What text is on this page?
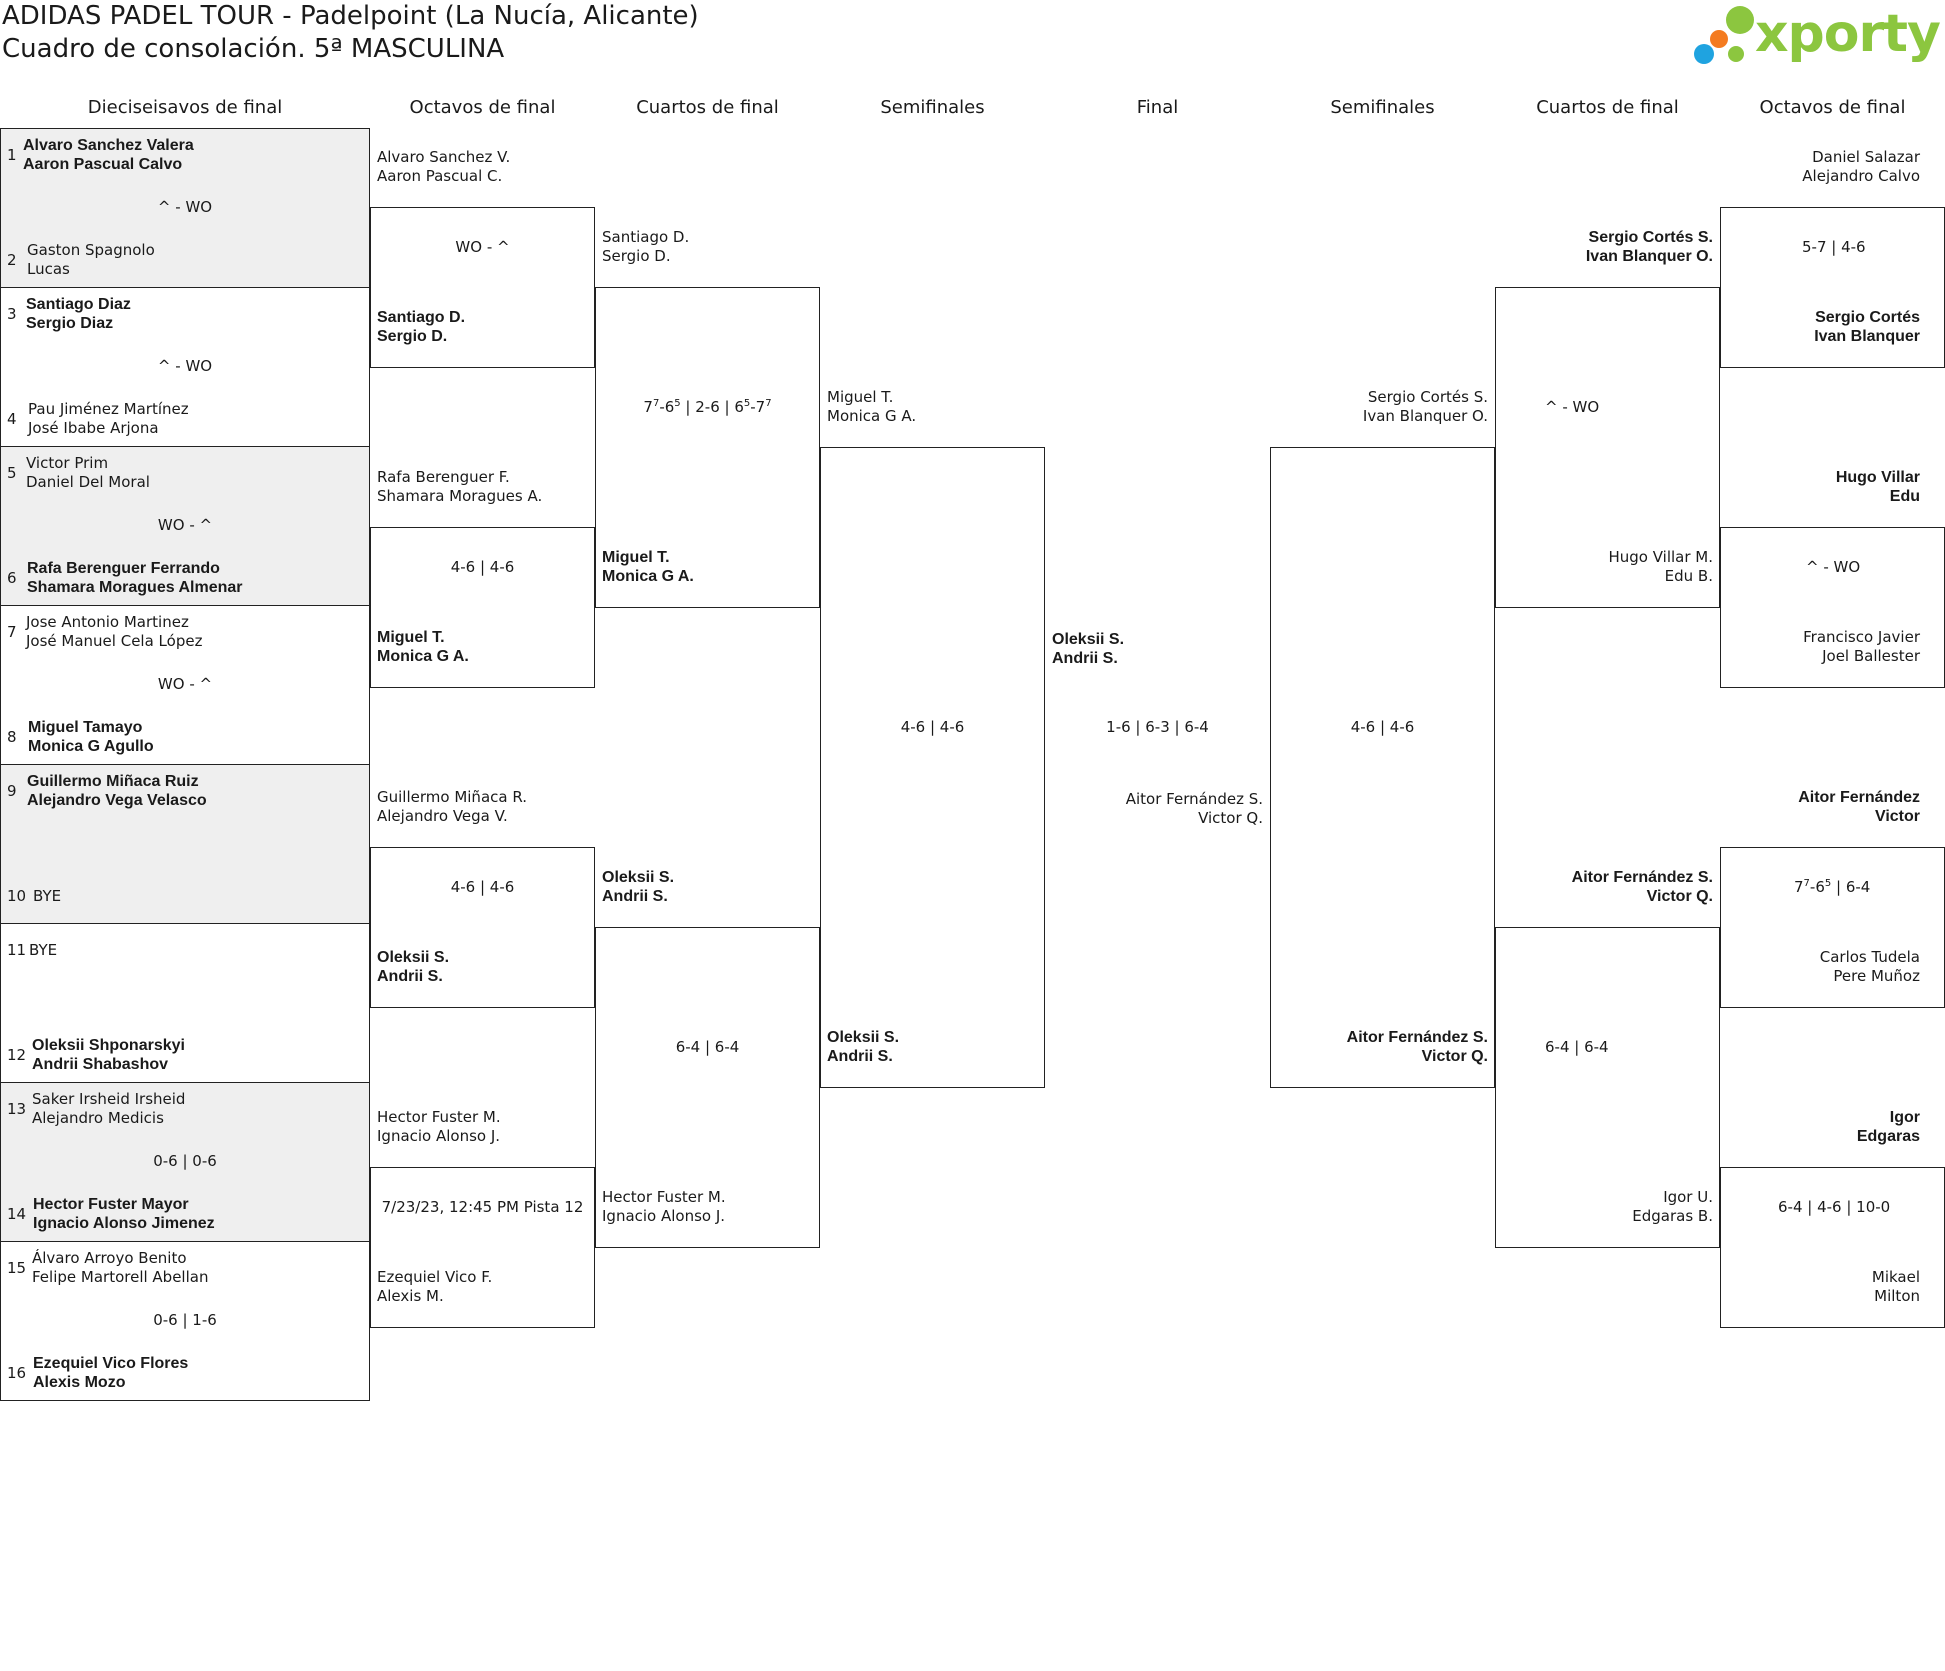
ADIDAS PADEL TOUR - Padelpoint (La Nucía, Alicante)
Cuadro de consolación. 5ª MASCULINA	xporty
Dieciseisavos de final	Octavos de final	Cuartos de final	Semifinales	Final	Semifinales	Cuartos de final	Octavos de final
1
Alvaro Sanchez Valera
Aaron Pascual Calvo
2
Gaston Spagnolo
Lucas
3
Santiago Diaz
Sergio Diaz
4
Pau Jiménez Martínez
José Ibabe Arjona
5
Victor Prim
Daniel Del Moral
6
Rafa Berenguer Ferrando
Shamara Moragues Almenar
7
Jose Antonio Martinez
José Manuel Cela López
8
Miguel Tamayo
Monica G Agullo
9
Guillermo Miñaca Ruiz
Alejandro Vega Velasco
10 BYE
11 BYE
12
Oleksii Shponarskyi
Andrii Shabashov
13
Saker Irsheid Irsheid
Alejandro Medicis
14
Hector Fuster Mayor
Ignacio Alonso Jimenez
15
Álvaro Arroyo Benito
Felipe Martorell Abellan
16
Ezequiel Vico Flores
Alexis Mozo
^ - WO
^ - WO
WO - ^
WO - ^
0-6 | 0-6
0-6 | 1-6
Alvaro Sanchez V.
Aaron Pascual C.
Santiago D.
Sergio D.
Rafa Berenguer F.
Shamara Moragues A.
Miguel T.
Monica G A.
Guillermo Miñaca R.
Alejandro Vega V.
Oleksii S.
Andrii S.
Hector Fuster M.
Ignacio Alonso J.
Ezequiel Vico F.
Alexis M.
WO - ^
4-6 | 4-6
4-6 | 4-6
7/23/23, 12:45 PM Pista 12
Santiago D.
Sergio D.
Miguel T.
Monica G A.
Oleksii S.
Andrii S.
Hector Fuster M.
Ignacio Alonso J.
$7^7-6^5$ | 2-6 | $6^5-7^7$
6-4 | 6-4
Miguel T.
Monica G A.
Oleksii S.
Andrii S.
4-6 | 4-6
Oleksii S.
Andrii S.
1-6 | 6-3 | 6-4
Aitor Fernández S.
Victor Q.
Sergio Cortés S.
Ivan Blanquer O.
Aitor Fernández S.
Victor Q.
4-6 | 4-6
Sergio Cortés S.
Ivan Blanquer O.
Hugo Villar M.
Edu B.
Aitor Fernández S.
Victor Q.
Igor U.
Edgaras B.
^ - WO
6-4 | 6-4
Daniel Salazar
Alejandro Calvo
Sergio Cortés
Ivan Blanquer
Hugo Villar
Edu
Francisco Javier
Joel Ballester
Aitor Fernández
Victor
Carlos Tudela
Pere Muñoz
Igor
Edgaras
Mikael
Milton
5-7 | 4-6
^ - WO
$7^7-6^5$ | 6-4
6-4 | 4-6 | 10-0
